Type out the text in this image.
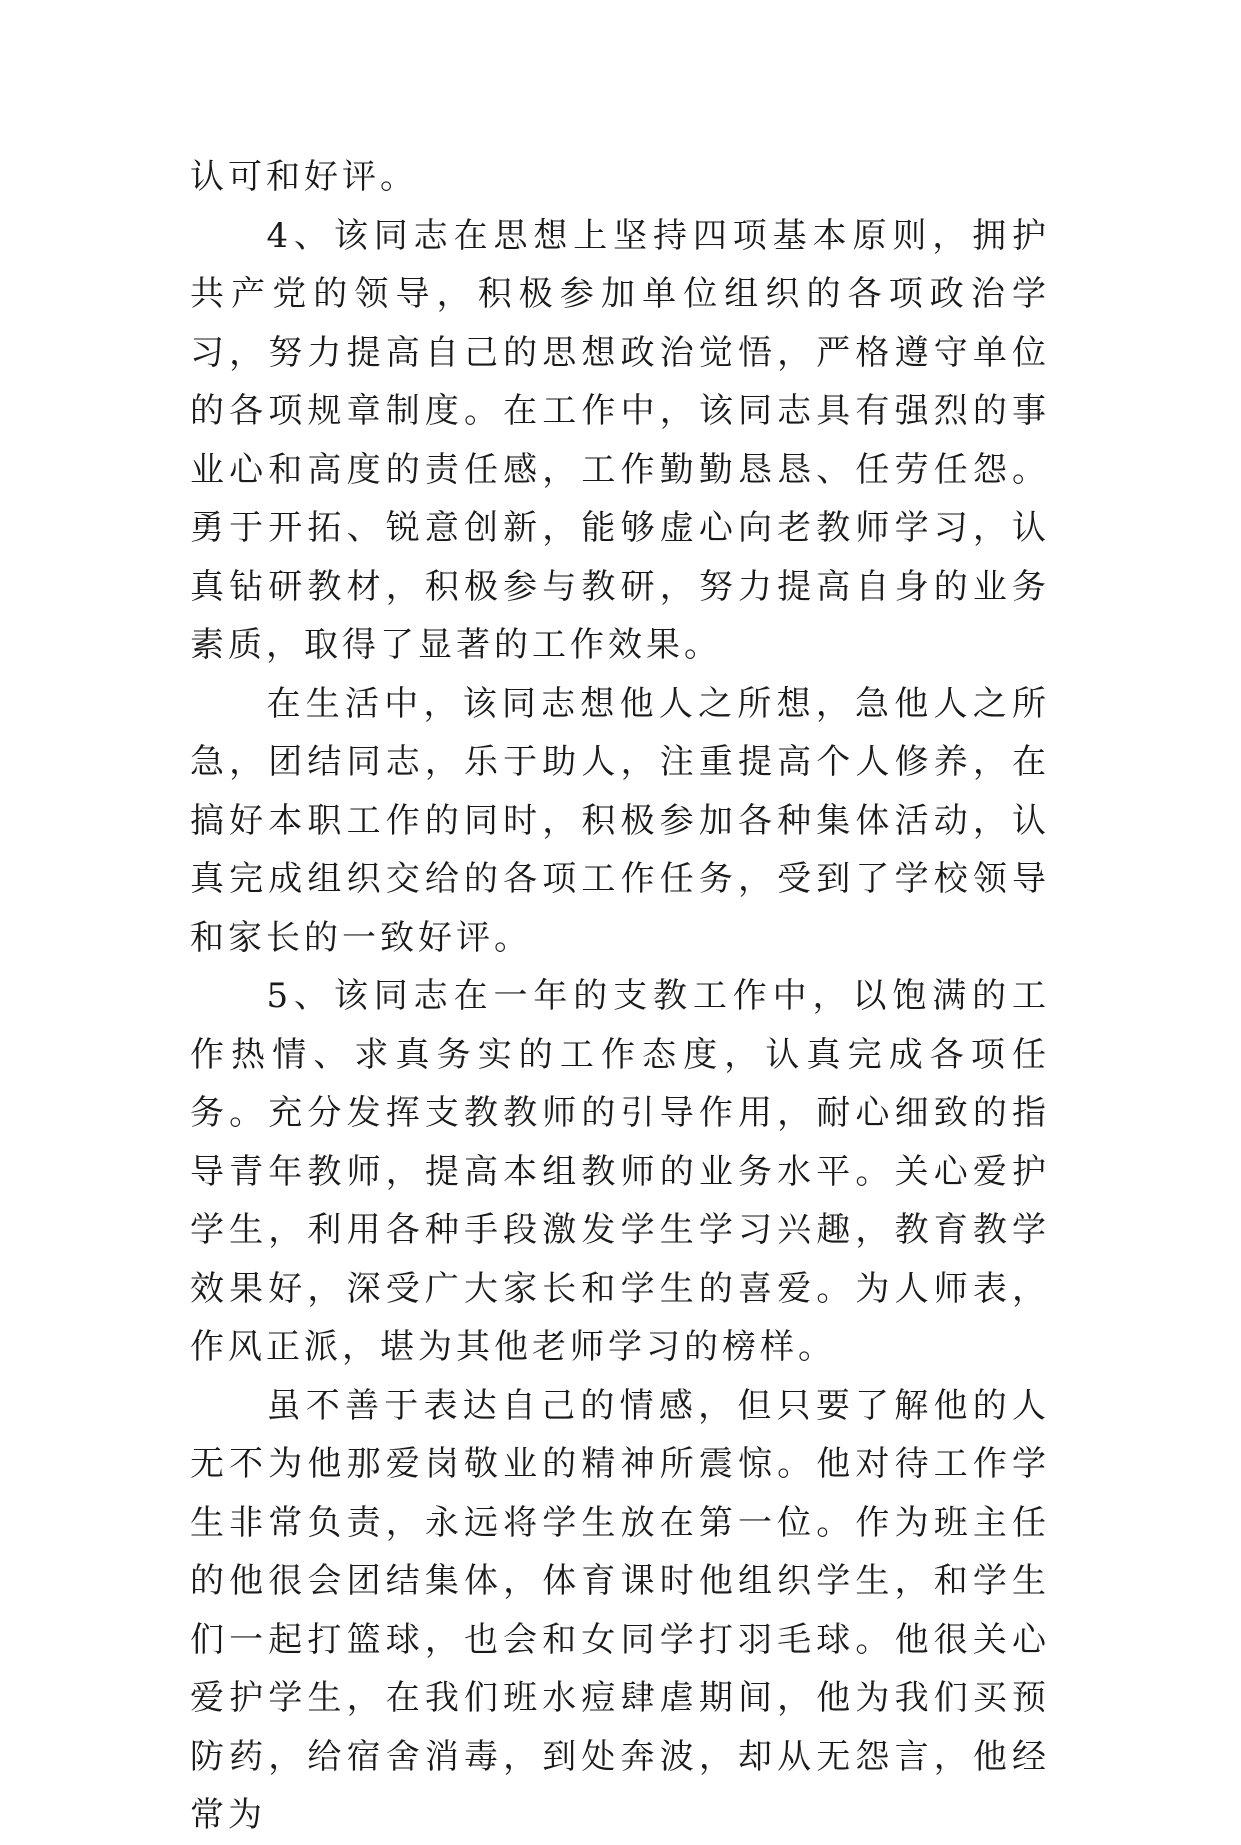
认可和好评。

4、该同志在思想上坚持四项基本原则，拥护共产党的领导，积极参加单位组织的各项政治学习，努力提高自己的思想政治觉悟，严格遵守单位的各项规章制度。在工作中，该同志具有强烈的事业心和高度的责任感，工作勤勤恳恳、任劳任怨。勇于开拓、锐意创新，能够虚心向老教师学习，认真钻研教材，积极参与教研，努力提高自身的业务素质，取得了显著的工作效果。

在生活中，该同志想他人之所想，急他人之所急，团结同志，乐于助人，注重提高个人修养，在搞好本职工作的同时，积极参加各种集体活动，认真完成组织交给的各项工作任务，受到了学校领导和家长的一致好评。

5、该同志在一年的支教工作中，以饱满的工作热情、求真务实的工作态度，认真完成各项任务。充分发挥支教教师的引导作用，耐心细致的指导青年教师，提高本组教师的业务水平。关心爱护学生，利用各种手段激发学生学习兴趣，教育教学效果好，深受广大家长和学生的喜爱。为人师表，作风正派，堪为其他老师学习的榜样。

虽不善于表达自己的情感，但只要了解他的人无不为他那爱岗敬业的精神所震惊。他对待工作学生非常负责，永远将学生放在第一位。作为班主任的他很会团结集体，体育课时他组织学生，和学生们一起打篮球，也会和女同学打羽毛球。他很关心爱护学生，在我们班水痘肆虐期间，他为我们买预防药，给宿舍消毒，到处奔波，却从无怨言，他经常为
